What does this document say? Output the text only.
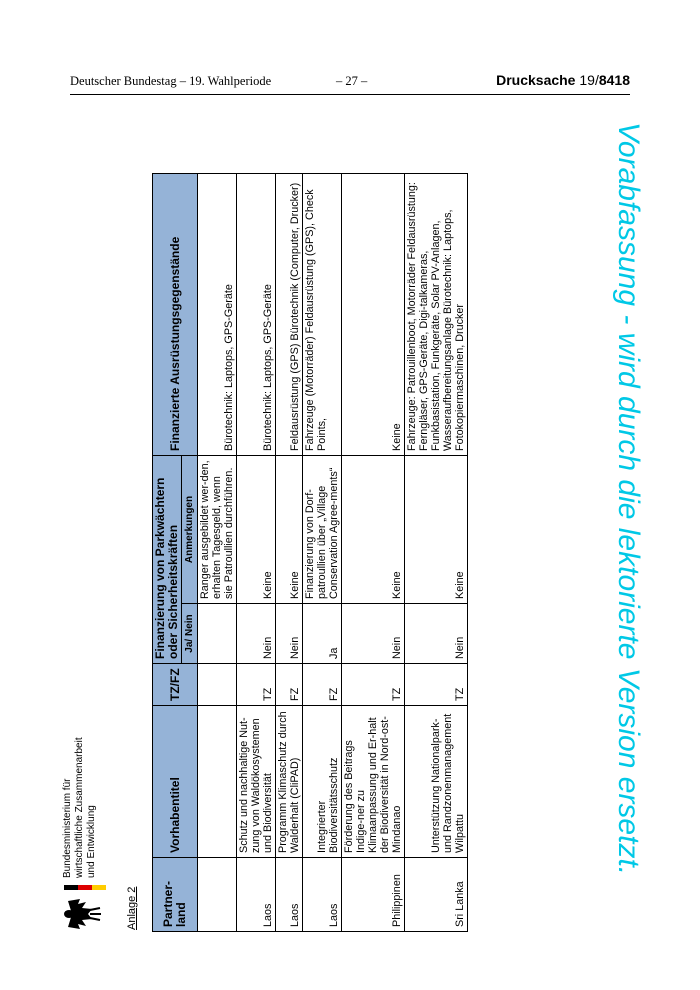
Deutscher Bundestag – 19. Wahlperiode	– 27 –	Drucksache 19/8418
Bundesministerium für wirtschaftliche Zusammenarbeit und Entwicklung
Anlage 2 Partner-land	Vorhabentitel	TZ/FZ	Finanzierung von Parkwächtern oder Sicherheitskräften		Finanzierte Ausrüstungsgegenstände
			Ja/ Nein	Anmerkungen	
				Ranger ausgebildet wer-den, erhalten Tagesgeld, wenn sie Patroullien durchführen.	Bürotechnik: Laptops, GPS-Geräte
Laos	Schutz und nachhaltige Nut-zung von Waldökosystemen und Biodiversität	TZ	Nein	Keine	Bürotechnik: Laptops, GPS-Geräte
Laos	Programm Klimaschutz durch Walderhalt (CliPAD)	FZ	Nein	Keine	Feldausrüstung (GPS) Bürotechnik (Computer, Drucker)
Laos	Integrierter Biodiversitätsschutz	FZ	Ja	Finanzierung von Dorf-patroullien über „Village Conservation Agree-ments“	Fahrzeuge (Motorräder) Feldausrüstung (GPS), Check Points,
Philippinen	Förderung des Beitrags Indige-ner zu Klimaanpassung und Er-halt der Biodiversität in Nord-ost-Mindanao	TZ	Nein	Keine	Keine
Sri Lanka	Unterstützung Nationalpark- und Randzonenmanagement Wilpattu	TZ	Nein	Keine	Fahrzeuge: Patrouillenboot, Motorräder Feldausrüstung: Ferngläser, GPS-Geräte, Digi-talkameras, Funkbasistation, Funkgeräte, Solar PV-Anlagen, Wasseraufbereitungsanlage Bürotechnik: Laptops, Fotokopiermaschinen, Drucker	Vorabfassung - wird durch die lektorierte Version ersetzt.
